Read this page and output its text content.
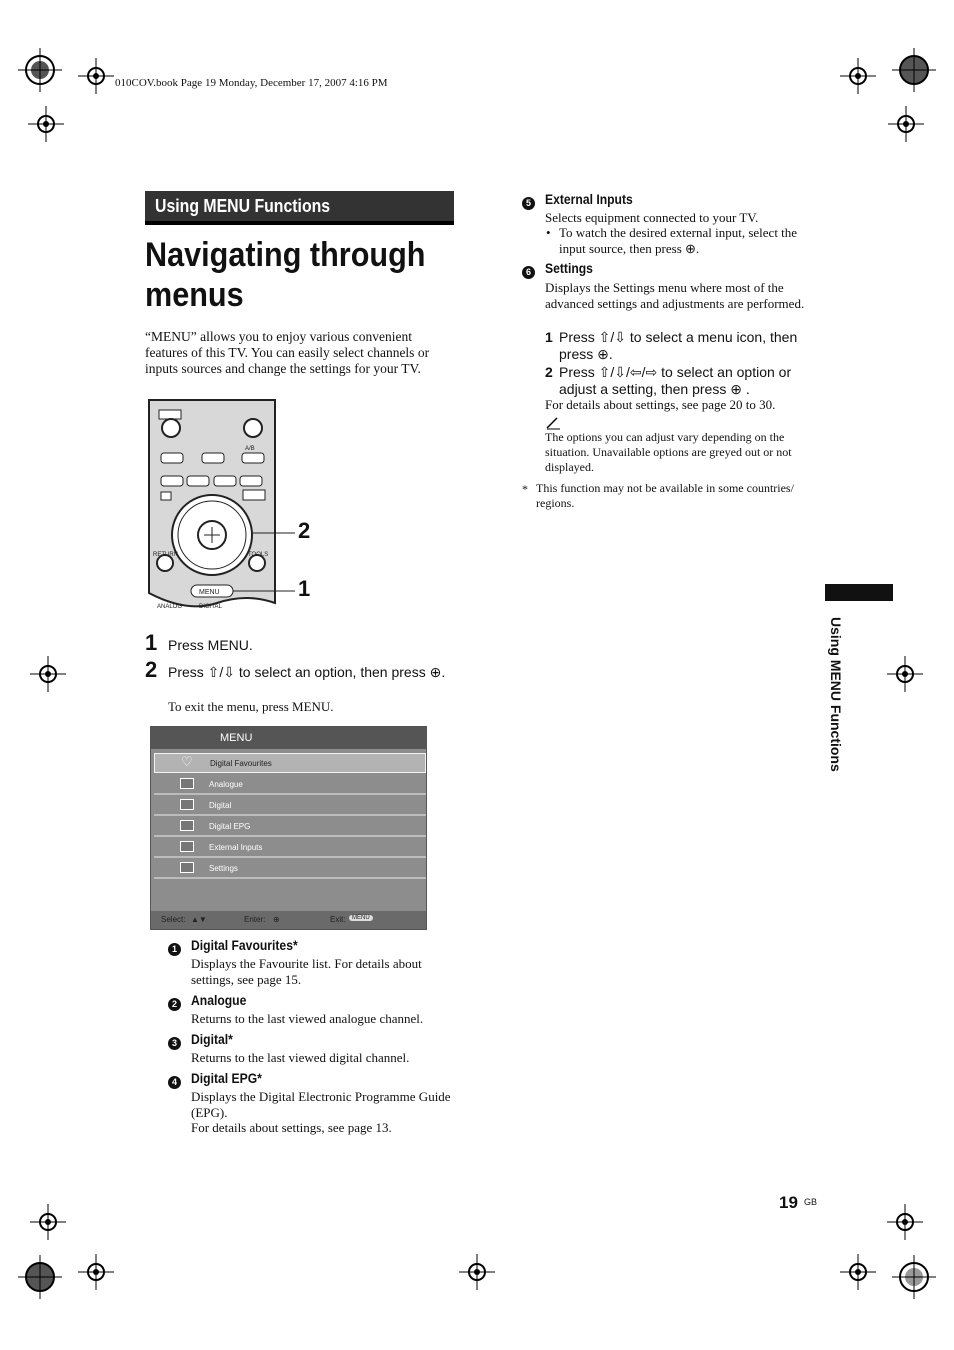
010COV.book Page 19 Monday, December 17, 2007 4:16 PM
Using MENU Functions
Navigating through menus
“MENU” allows you to enjoy various convenient features of this TV. You can easily select channels or inputs sources and change the settings for your TV.
RETURN	TOOLS
A/B
MENU
ANALOG	DIGITAL
2
1
1 Press MENU.
2 Press ⇧/⇩ to select an option, then press ⊕.
To exit the menu, press MENU.
MENU
♡ Digital Favourites
Analogue
Digital
Digital EPG
External Inputs
Settings
Select: ▲▼	Enter: ⊕	Exit:	MENU
1 Digital Favourites*
Displays the Favourite list. For details about settings, see page 15.
2 Analogue
Returns to the last viewed analogue channel.
3 Digital*
Returns to the last viewed digital channel.
4 Digital EPG*
Displays the Digital Electronic Programme Guide (EPG).
For details about settings, see page 13.
5 External Inputs
Selects equipment connected to your TV.
• To watch the desired external input, select the input source, then press ⊕.
6 Settings
Displays the Settings menu where most of the advanced settings and adjustments are performed.
1 Press ⇧/⇩ to select a menu icon, then press ⊕.
2 Press ⇧/⇩/⇦/⇨ to select an option or adjust a setting, then press ⊕ .
For details about settings, see page 20 to 30.
The options you can adjust vary depending on the situation. Unavailable options are greyed out or not displayed.
* This function may not be available in some countries/ regions.
Using MENU Functions
19 GB
